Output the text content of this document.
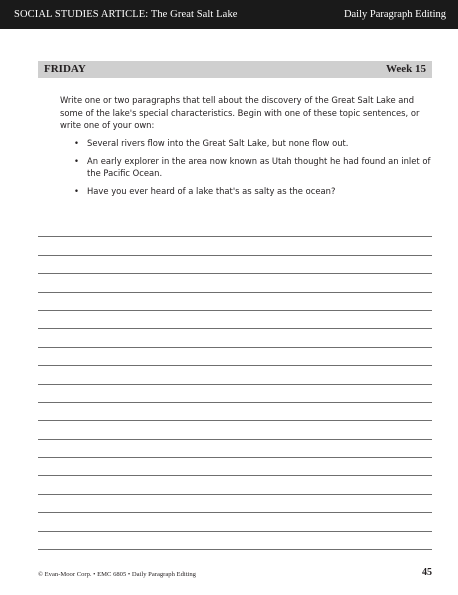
SOCIAL STUDIES ARTICLE: The Great Salt Lake	Daily Paragraph Editing
FRIDAY	Week 15
Write one or two paragraphs that tell about the discovery of the Great Salt Lake and some of the lake's special characteristics. Begin with one of these topic sentences, or write one of your own:
• Several rivers flow into the Great Salt Lake, but none flow out.
• An early explorer in the area now known as Utah thought he had found an inlet of the Pacific Ocean.
• Have you ever heard of a lake that's as salty as the ocean?
© Evan-Moor Corp. • EMC 6805 • Daily Paragraph Editing	45
